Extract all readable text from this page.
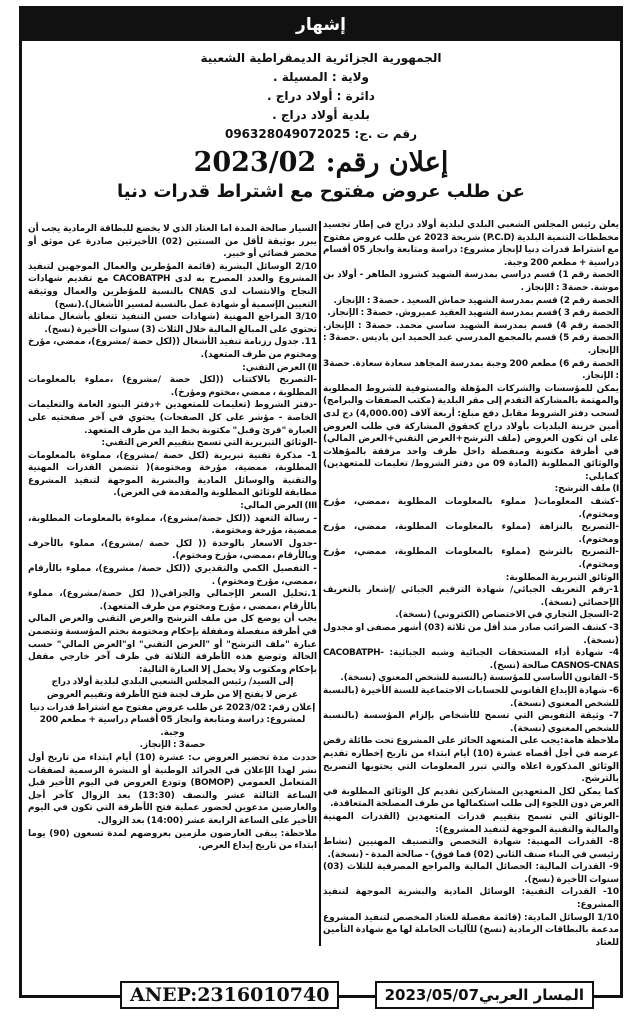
إشهار
الجمهورية الجزائرية الديمقراطية الشعبية
ولاية : المسيلة .
دائرة : أولاد دراج .
بلدية أولاد دراج .
رقم ت .ج: 096328049072025
إعلان رقم: 2023/02
عن طلب عروض مفتوح مع اشتراط قدرات دنيا

يعلن رئيس المجلس الشعبي البلدي لبلدية أولاد دراج في إطار تجسيد مخططات التنمية البلدية (P.C.D) شريحة 2023 عن طلب عروض مفتوح مع اشتراط قدرات دنيا لإنجاز مشروع: دراسة ومتابعة وانجاز 05 أقسام دراسية + مطعم 200 وجبة.

الحصة رقم 1) قسم دراسي بمدرسة الشهيد كشرود الطاهر - أولاد بن موشة. حصة3 : الإنجاز .

الحصة رقم 2) قسم بمدرسة الشهيد حماش السعيد . حصة3 : الإنجاز.

الحصة رقم 3 )قسم بمدرسة الشهيد العقيد عميروش. حصة3 : الإنجاز.

الحصة رقم 4) قسم بمدرسة الشهيد ساسي محمد. حصة3 : الإنجاز. الحصة رقم 5) قسم بالمجمع المدرسي عبد الحميد ابن باديس .حصة3 : الإنجاز.

الحصة رقم 6) مطعم 200 وجبة بمدرسة المجاهد سعادة سعادة. حصة3 : الإنجاز.

يمكن للمؤسسات والشركات المؤهلة والمستوفية للشروط المطلوبة والمهتمة بالمشاركة التقدم إلى مقر البلدية (مكتب الصفقات والبرامج) لسحب دفتر الشروط مقابل دفع مبلغ: أربعة آلاف (4,000.00) دج لدى أمين خزينة البلديات بأولاد دراج كحقوق المشاركة في طلب العروض على ان تكون العروض (ملف الترشح+العرض التقني+العرض المالي) في أظرفة مكتوبة ومنفصلة داخل ظرف واحد مرفقة بالمؤهلات والوثائق المطلوبة (المادة 09 من دفتر الشروط/ تعليمات للمتعهدين) كمايلي:

I) ملف الترشح:

-كشف المعلومات( مملوء بالمعلومات المطلوبة ،ممضي، مؤرخ ومختوم).

-التصريح بالنزاهة (مملوء بالمعلومات المطلوبة، ممضي، مؤرخ ومختوم).

-التصريح بالترشح (مملوء بالمعلومات المطلوبة، ممضي، مؤرخ ومختوم).

الوثائق التبريرية المطلوبة:

1-رقم التعريف الجبائي/ شهادة الترقيم الجبائي /إشعار بالتعريف الإحصائي (نسخة).

2-السجل التجاري في الاختصاص (الكتروني) (نسخة).

3- كشف الضرائب صادر منذ أقل من ثلاثة (03) أشهر مصفى او مجدول (نسخة).

4- شهادة أداء المستحقات الجبائية وشبه الجبائية: CACOBATPH-CASNOS-CNAS صالحة (نسخ).

5- القانون الأساسي للمؤسسة (بالنسبة للشخص المعنوي (نسخة).

6- شهادة الإيداع القانوني للحسابات الاجتماعية للسنة الأخيرة (بالنسبة للشخص المعنوي (نسخة).

7- وثيقة التفويض التي تسمح للأشخاص بإلزام المؤسسة (بالنسبة للشخص المعنوي (نسخة).

ملاحظة هامة:يجب على المتعهد الحائز على المشروع تحت طائلة رفض عرضه في أجل أقصاه عشرة (10) أيام ابتداء من تاريخ إخطاره تقديم الوثائق المذكورة اعلاه والتي تبرر المعلومات التي يحتويها التصريح بالترشح.

كما يمكن لكل المتعهدين المشاركين تقديم كل الوثائق المطلوبة في العرض دون اللجوء إلى طلب استكمالها من طرف المصلحة المتعاقدة.

-الوثائق التي تسمح بتقييم قدرات المتعهدين (القدرات المهنية والمالية والتقنية الموجهة لتنفيذ المشروع):

8- القدرات المهنية: شهادة التخصص والتصنيف المهنيين (نشاط رئيسي في البناء صنف الثاني (02) فما فوق) - صالحة المدة - (نسخة).

9- القدرات المالية: الحصائل المالية والمراجع المصرفية للثلاث (03) سنوات الأخيرة (نسخ).

10- القدرات التقنية: الوسائل المادية والبشرية الموجهة لتنفيذ المشروع:

1/10 الوسائل المادية: (قائمة مفصلة للعتاد المخصص لتنفيذ المشروع مدعمة بالبطاقات الرمادية (نسخ) للآليات الحاملة لها مع شهادة التأمين للعتاد

السيار صالحة المدة اما العتاد الذي لا يخضع للبطاقة الرمادية يجب أن يبرر بوثيقة لأقل من السنتين (02) الأخيرتين صادرة عن موثق أو محضر قضائي أو خبير.

2/10 الوسائل البشرية (قائمة المؤطرين والعمال الموجهين لتنفيذ المشروع والعدد المصرح به لدى CACOBATPH مع تقديم شهادات النجاح والانتساب لدى CNAS بالنسبة للمؤطرين والعمال ووثيقة التعيين الإسمية أو شهادة عمل بالنسبة لمسير الأشغال).(نسخ)

3/10 المراجع المهنية (شهادات حسن التنفيذ تتعلق بأشغال مماثلة تحتوي على المبالغ المالية خلال الثلاث (3) سنوات الأخيرة (نسخ).

11. جدول رزنامة تنفيذ الأشغال ((لكل حصة /مشروع)، ممضي، مؤرخ ومختوم من طرف المتعهد).

II) العرض التقني:

-التصريح بالاكتتاب ((لكل حصة /مشروع) ،مملوء بالمعلومات المطلوبة ، ممضي ،مختوم ومؤرخ).

-دفتر الشروط (تعليمات للمتعهدين +دفتر البنود العامة والتعليمات الخاصة - مؤشر على كل الصفحات) يحتوي في آخر صفحتيه على العبارة "قرئ وقبل" مكتوبة بخط اليد من طرف المتعهد.

-الوثائق التبريرية التي تسمح بتقييم العرض التقني:

1- مذكرة تقنية تبريرية (لكل حصة /مشروع)، مملوءة بالمعلومات المطلوبة، ممضية، مؤرخة ومختومة)( تتضمن القدرات المهنية والتقنية والوسائل المادية والبشرية الموجهة لتنفيذ المشروع مطابقة للوثائق المطلوبة والمقدمة في العرض).

III) العرض المالي:

- رسالة التعهد ((لكل حصة/مشروع)، مملوءة بالمعلومات المطلوبة، ممضية، مؤرخة ومختومة.

-جدول الاسعار بالوحدة (( لكل حصة /مشروع)، مملوء بالأحرف وبالأرقام ،ممضي، مؤرخ ومختوم).

- التفصيل الكمي والتقديري ((لكل حصة/ مشروع)، مملوء بالأرقام ،ممضي، مؤرخ ومختوم) .

1.تحليل السعر الإجمالي والجزافي(( لكل حصة/مشروع)، مملوء بالأرقام ،ممضي ، مؤرخ ومختوم من طرف المتعهد).

يجب أن يوضع كل من ملف الترشح والعرض التقني والعرض المالي في أظرفة منفصلة ومقفلة بإحكام ومختومة بختم المؤسسة وتتضمن عبارة "ملف الترشح" أو "العرض التقني" او"العرض المالي" حسب الحالة وتوضع هذه الأظرفة الثلاثة في ظرف آخر خارجي مقفل بإحكام ومكتوب ولا يحمل إلا العبارة التالية:

إلى السيد/ رئيس المجلس الشعبي البلدي لبلدية أولاد دراج

عرض لا يفتح إلا من طرف لجنة فتح الأظرفة وتقييم العروض

إعلان رقم: 2023/02 عن طلب عروض مفتوح مع اشتراط قدرات دنيا لمشروع: دراسة ومتابعة وانجاز 05 أقسام دراسية + مطعم 200 وجبة.

حصة3 : الإنجاز.

حددت مدة تحضير العروض ب: عشرة (10) أيام ابتداء من تاريخ أول نشر لهذا الإعلان في الجرائد الوطنية أو النشرة الرسمية لصفقات المتعامل العمومي (BOMOP) وتودع العروض في اليوم الأخير قبل الساعة الثالثة عشر والنصف (13:30) بعد الزوال كآخر أجل والعارضين مدعوين لحضور عملية فتح الأظرفة التي تكون في اليوم الأخير على الساعة الرابعة عشر (14:00) بعد الزوال.

ملاحظة: يبقى العارضون ملزمين بعروضهم لمدة تسعون (90) يوما ابتداء من تاريخ إيداع العرض.

ANEP:2316010740	المسار العربي2023/05/07
